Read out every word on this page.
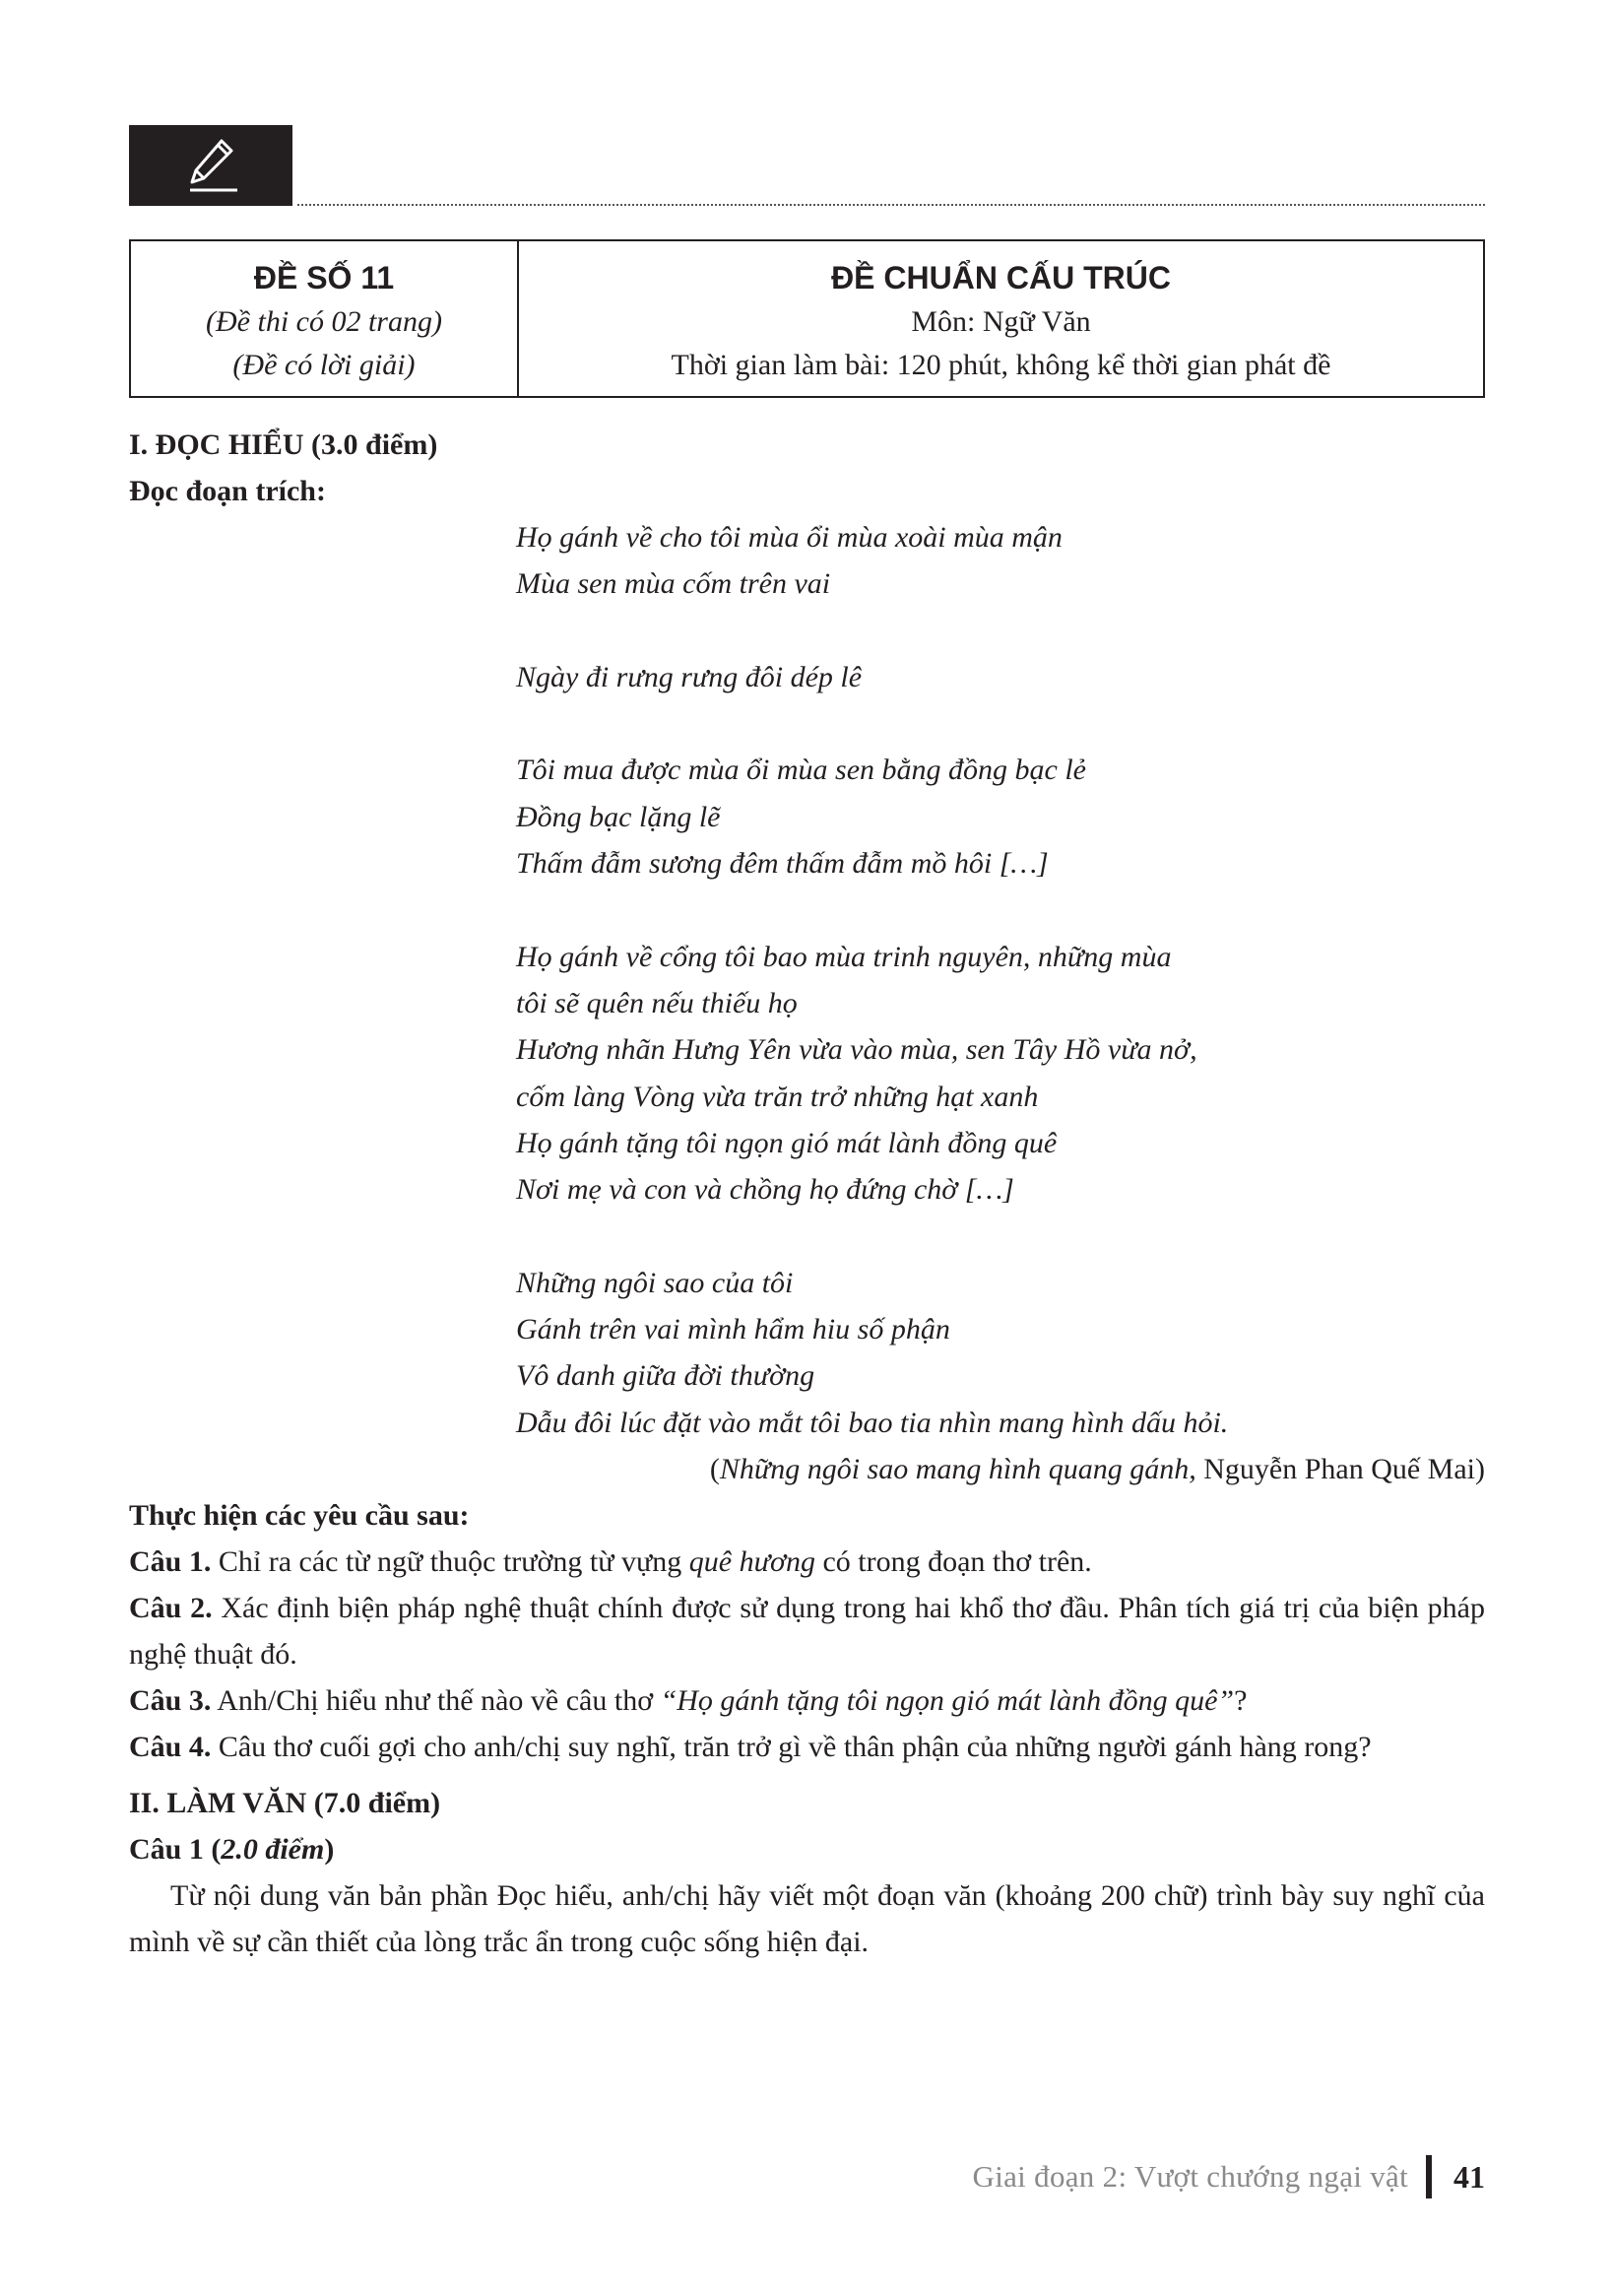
ĐỀ SỐ 11
(Đề thi có 02 trang)
(Đề có lời giải)
ĐỀ CHUẨN CẤU TRÚC
Môn: Ngữ Văn
Thời gian làm bài: 120 phút, không kể thời gian phát đề
I. ĐỌC HIỂU (3.0 điểm)
Đọc đoạn trích:
Họ gánh về cho tôi mùa ổi mùa xoài mùa mận
Mùa sen mùa cốm trên vai
Ngày đi rưng rưng đôi dép lê
Tôi mua được mùa ổi mùa sen bằng đồng bạc lẻ
Đồng bạc lặng lẽ
Thấm đẫm sương đêm thấm đẫm mồ hôi […]
Họ gánh về cổng tôi bao mùa trinh nguyên, những mùa
tôi sẽ quên nếu thiếu họ
Hương nhãn Hưng Yên vừa vào mùa, sen Tây Hồ vừa nở,
cốm làng Vòng vừa trăn trở những hạt xanh
Họ gánh tặng tôi ngọn gió mát lành đồng quê
Nơi mẹ và con và chồng họ đứng chờ […]
Những ngôi sao của tôi
Gánh trên vai mình hẩm hiu số phận
Vô danh giữa đời thường
Dẫu đôi lúc đặt vào mắt tôi bao tia nhìn mang hình dấu hỏi.
(Những ngôi sao mang hình quang gánh, Nguyễn Phan Quế Mai)
Thực hiện các yêu cầu sau:
Câu 1. Chỉ ra các từ ngữ thuộc trường từ vựng quê hương có trong đoạn thơ trên.
Câu 2. Xác định biện pháp nghệ thuật chính được sử dụng trong hai khổ thơ đầu. Phân tích giá trị của biện pháp nghệ thuật đó.
Câu 3. Anh/Chị hiểu như thế nào về câu thơ “Họ gánh tặng tôi ngọn gió mát lành đồng quê”?
Câu 4. Câu thơ cuối gợi cho anh/chị suy nghĩ, trăn trở gì về thân phận của những người gánh hàng rong?
II. LÀM VĂN (7.0 điểm)
Câu 1 (2.0 điểm)
Từ nội dung văn bản phần Đọc hiểu, anh/chị hãy viết một đoạn văn (khoảng 200 chữ) trình bày suy nghĩ của mình về sự cần thiết của lòng trắc ẩn trong cuộc sống hiện đại.
Giai đoạn 2: Vượt chướng ngại vật 41
